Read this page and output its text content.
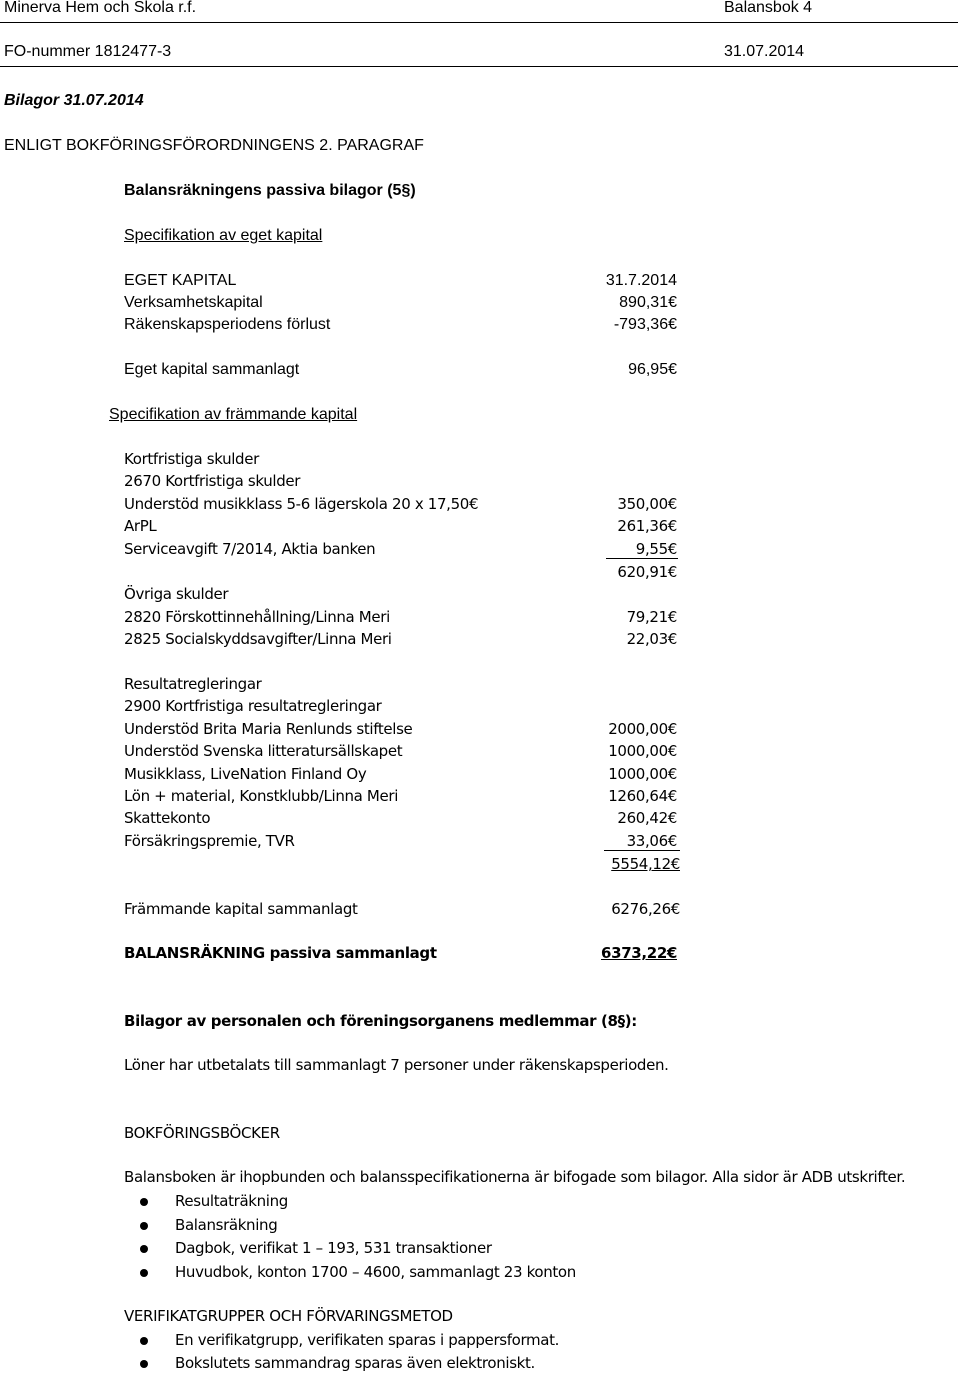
Minerva Hem och Skola r.f.	Balansbok 4
FO-nummer 1812477-3	31.07.2014
Bilagor 31.07.2014
ENLIGT BOKFÖRINGSFÖRORDNINGENS 2. PARAGRAF
Balansräkningens passiva bilagor (5§)
Specifikation av eget kapital
EGET KAPITAL	31.7.2014
Verksamhetskapital	890,31€
Räkenskapsperiodens förlust	-793,36€
Eget kapital sammanlagt	96,95€
Specifikation av främmande kapital
Kortfristiga skulder
2670 Kortfristiga skulder
Understöd musikklass 5-6 lägerskola 20 x 17,50€	350,00€
ArPL	261,36€
Serviceavgift 7/2014, Aktia banken	9,55€
620,91€
Övriga skulder
2820 Förskottinnehållning/Linna Meri	79,21€
2825 Socialskyddsavgifter/Linna Meri	22,03€
Resultatregleringar
2900 Kortfristiga resultatregleringar
Understöd Brita Maria Renlunds stiftelse	2000,00€
Understöd Svenska litteratursällskapet	1000,00€
Musikklass, LiveNation Finland Oy	1000,00€
Lön + material, Konstklubb/Linna Meri	1260,64€
Skattekonto	260,42€
Försäkringspremie, TVR	33,06€
5554,12€
Främmande kapital sammanlagt	6276,26€
BALANSRÄKNING passiva sammanlagt	6373,22€
Bilagor av personalen och föreningsorganens medlemmar (8§):
Löner har utbetalats till sammanlagt 7 personer under räkenskapsperioden.
BOKFÖRINGSBÖCKER
Balansboken är ihopbunden och balansspecifikationerna är bifogade som bilagor. Alla sidor är ADB utskrifter.
Resultaträkning
Balansräkning
Dagbok, verifikat 1 – 193, 531 transaktioner
Huvudbok, konton 1700 – 4600, sammanlagt 23 konton
VERIFIKATGRUPPER OCH FÖRVARINGSMETOD
En verifikatgrupp, verifikaten sparas i pappersformat.
Bokslutets sammandrag sparas även elektroniskt.
